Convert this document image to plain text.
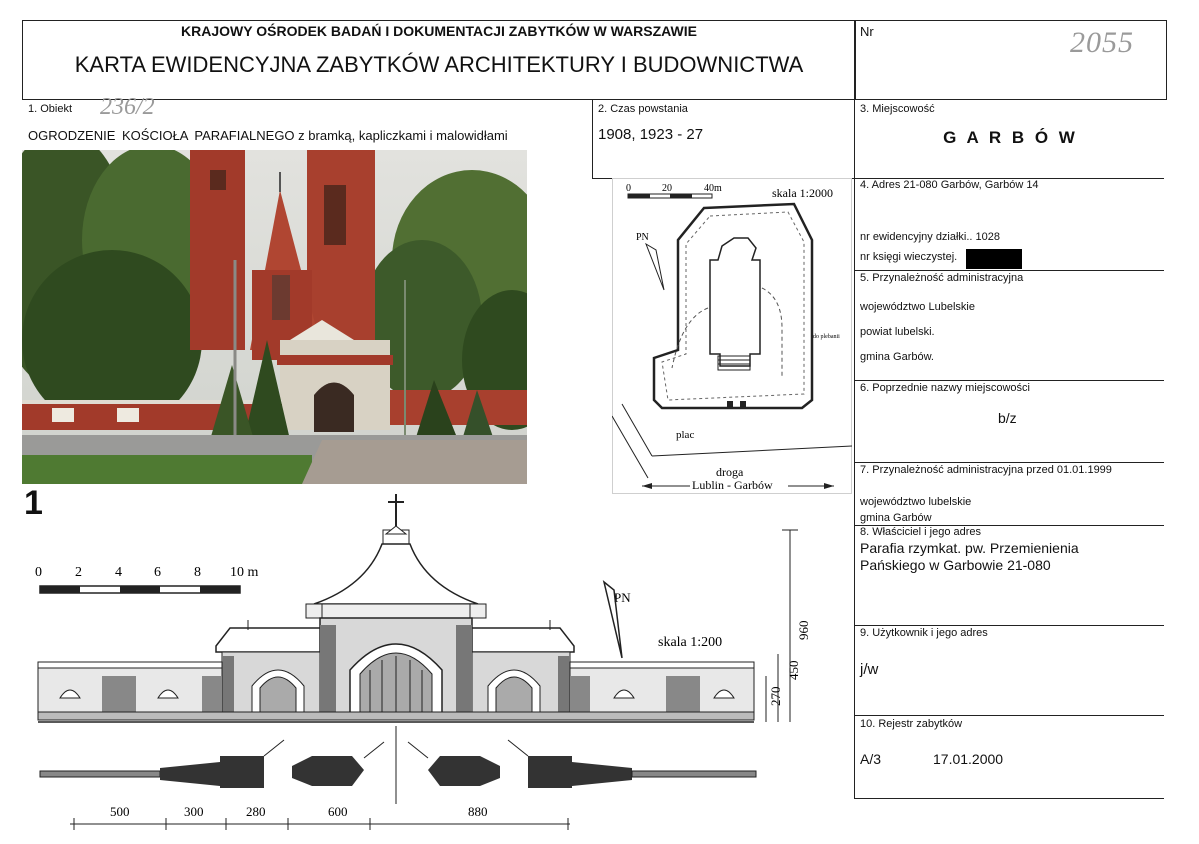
KRAJOWY OŚRODEK BADAŃ I DOKUMENTACJI ZABYTKÓW W WARSZAWIE
KARTA EWIDENCYJNA ZABYTKÓW ARCHITEKTURY I BUDOWNICTWA
Nr	2055
1. Obiekt 236/2
OGRODZENIE KOŚCIOŁA PARAFIALNEGO z bramką, kapliczkami i malowidłami
2. Czas powstania
1908, 1923 - 27
3. Miejscowość
G A R B Ó W
4. Adres 21-080 Garbów, Garbów 14
nr ewidencyjny działki.. 1028
nr księgi wieczystej.
5. Przynależność administracyjna
województwo Lubelskie
powiat lubelski.
gmina Garbów.
6. Poprzednie nazwy miejscowości
b/z
7. Przynależność administracyjna przed 01.01.1999
województwo lubelskie
gmina Garbów
8. Właściciel i jego adres
Parafia rzymkat. pw. Przemienienia
Pańskiego w Garbowie 21-080
9. Użytkownik i jego adres
j/w
10. Rejestr zabytków
A/3	17.01.2000
0	20	40m	skala 1:2000
PN
do plebanii
plac
droga
Lublin - Garbów
1
0 2 4 6 8 10 m
PN
skala 1:200
960
450
270
500	300	280	600	880
